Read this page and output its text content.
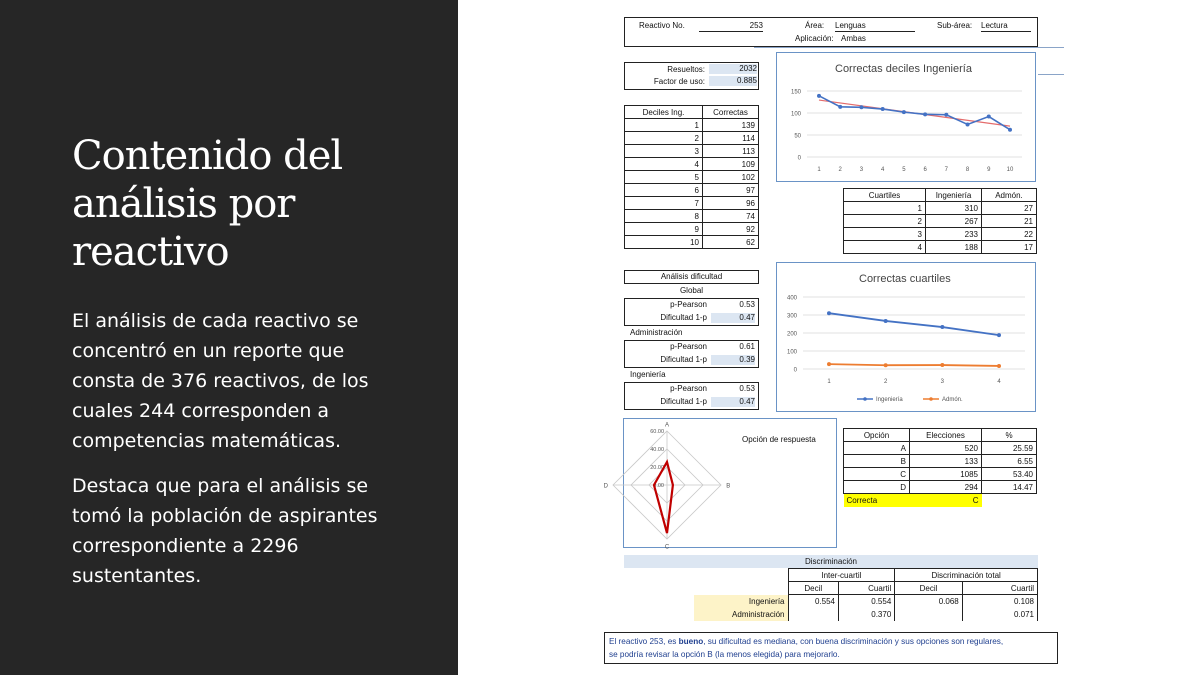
Contenido del
análisis por
reactivo
El análisis de cada reactivo se
concentró en un reporte que
consta de 376 reactivos, de los
cuales 244 corresponden a
competencias matemáticas.
Destaca que para el análisis se
tomó la población de aspirantes
correspondiente a 2296
sustentantes.
Reactivo No.	253	Área: Lenguas	Sub-área: Lectura
Aplicación: Ambas
Resueltos:	2032
Factor de uso:	0.885
Deciles Ing.	Correctas
1	139
2	114
3	113
4	109
5	102
6	97
7	96
8	74
9	92
10	62
Correctas deciles Ingeniería
0
50
100
150
1	2	3	4	5	6	7	8	9	10
Cuartiles	Ingeniería	Admón.
1	310	27
2	267	21
3	233	22
4	188	17
Análisis dificultad
Global
p-Pearson	0.53
Dificultad 1-p	0.47
Administración
p-Pearson	0.61
Dificultad 1-p	0.39
Ingeniería
p-Pearson	0.53
Dificultad 1-p	0.47
Correctas cuartiles
0
100
200
300
400
1	2	3	4
Ingeniería	Admón.
Opción de respuesta
A
B
C
D	0.00
20.00
40.00
60.00	Opción	Elecciones	%
A	520	25.59
B	133	6.55
C	1085	53.40
D	294	14.47
Correcta	C	
Discriminación
	Inter-cuartil		Discriminación total	
	Decil	Cuartil	Decil	Cuartil
Ingeniería	0.554	0.554	0.068	0.108
Administración		0.370		0.071
El reactivo 253, es bueno, su dificultad es mediana, con buena discriminación y sus opciones son regulares,
se podría revisar la opción B (la menos elegida) para mejorarlo.
